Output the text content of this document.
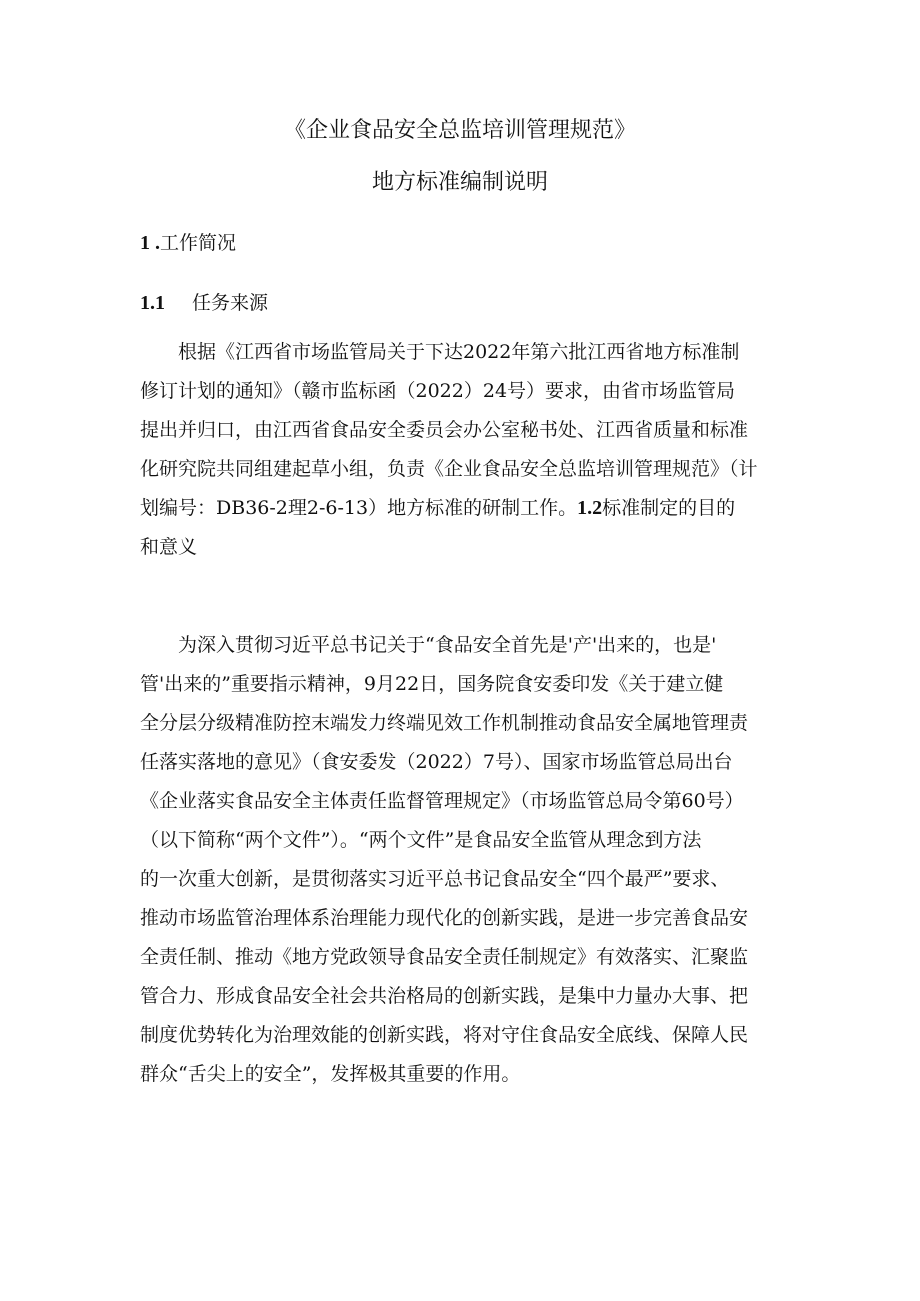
《企业食品安全总监培训管理规范》
地方标准编制说明
1 .工作简况
1.1 任务来源
根据《江西省市场监管局关于下达2022年第六批江西省地方标准制
修订计划的通知》（赣市监标函（2022）24号）要求，由省市场监管局
提出并归口，由江西省食品安全委员会办公室秘书处、江西省质量和标准
化研究院共同组建起草小组，负责《企业食品安全总监培训管理规范》（计
划编号：DB36-2理2-6-13）地方标准的研制工作。1.2标准制定的目的
和意义
为深入贯彻习近平总书记关于“食品安全首先是'产'出来的，也是'
管'出来的”重要指示精神，9月22日，国务院食安委印发《关于建立健
全分层分级精准防控末端发力终端见效工作机制推动食品安全属地管理责
任落实落地的意见》（食安委发（2022）7号）、国家市场监管总局出台
《企业落实食品安全主体责任监督管理规定》（市场监管总局令第60号）
（以下简称“两个文件”）。“两个文件”是食品安全监管从理念到方法
的一次重大创新，是贯彻落实习近平总书记食品安全“四个最严”要求、
推动市场监管治理体系治理能力现代化的创新实践，是进一步完善食品安
全责任制、推动《地方党政领导食品安全责任制规定》有效落实、汇聚监
管合力、形成食品安全社会共治格局的创新实践，是集中力量办大事、把
制度优势转化为治理效能的创新实践，将对守住食品安全底线、保障人民
群众“舌尖上的安全”，发挥极其重要的作用。
